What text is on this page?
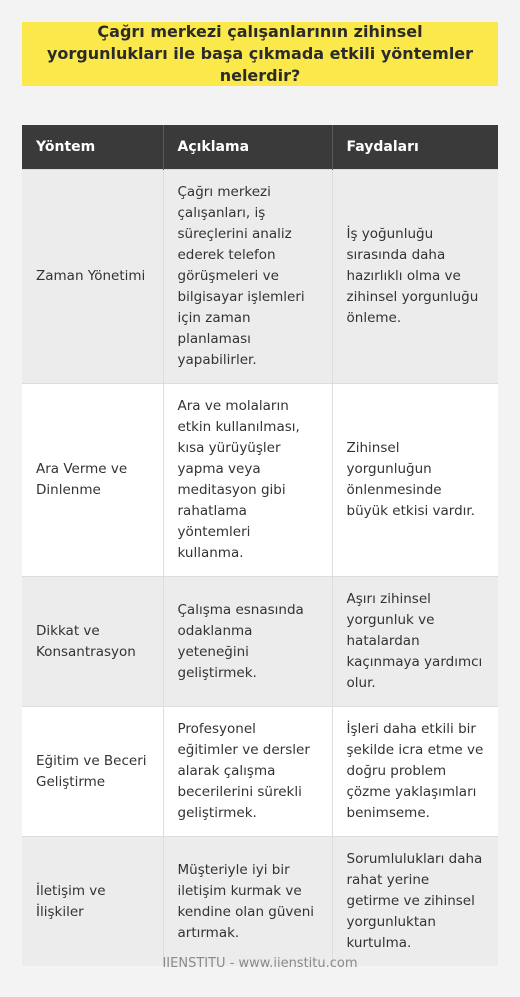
Çağrı merkezi çalışanlarının zihinsel yorgunlukları ile başa çıkmada etkili yöntemler nelerdir?
Yöntem	Açıklama	Faydaları
Zaman Yönetimi	Çağrı merkezi çalışanları, iş süreçlerini analiz ederek telefon görüşmeleri ve bilgisayar işlemleri için zaman planlaması yapabilirler.	İş yoğunluğu sırasında daha hazırlıklı olma ve zihinsel yorgunluğu önleme.
Ara Verme ve Dinlenme	Ara ve molaların etkin kullanılması, kısa yürüyüşler yapma veya meditasyon gibi rahatlama yöntemleri kullanma.	Zihinsel yorgunluğun önlenmesinde büyük etkisi vardır.
Dikkat ve Konsantrasyon	Çalışma esnasında odaklanma yeteneğini geliştirmek.	Aşırı zihinsel yorgunluk ve hatalardan kaçınmaya yardımcı olur.
Eğitim ve Beceri Geliştirme	Profesyonel eğitimler ve dersler alarak çalışma becerilerini sürekli geliştirmek.	İşleri daha etkili bir şekilde icra etme ve doğru problem çözme yaklaşımları benimseme.
İletişim ve İlişkiler	Müşteriyle iyi bir iletişim kurmak ve kendine olan güveni artırmak.	Sorumlulukları daha rahat yerine getirme ve zihinsel yorgunluktan kurtulma.
IIENSTITU - www.iienstitu.com
